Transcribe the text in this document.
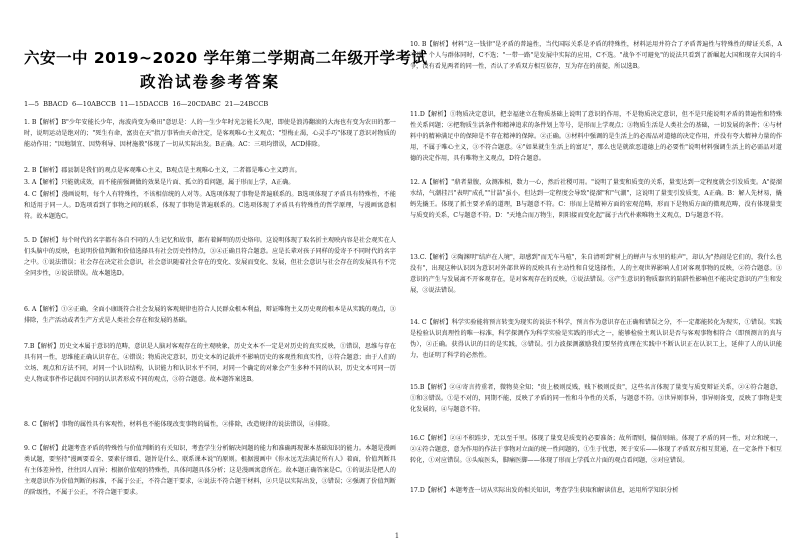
六安一中 2019~2020 学年第二学期高二年级开学考试
政治试卷参考答案
1—5 BBACD 6—10ABCCB 11—15DACCB 16—20CDABC 21—24BCCB
1. B【解析】B"少年安能长少年，海波尚变为桑田"意思是：人的一生少年时光怎能长久呢，即使是浪涛翻滚的大海也有变为农田的那一时，说明运动是绝对的；"死生有命，富贵在天"指万事皆由天命注定，是客观唯心主义观点；"望梅止渴，心灵手巧"体现了意识对物质的能动作用；"因地制宜、因势利导、因材施教"体现了一切从实际出发。B正确。AC：三项均错误，ACD排除。
2. B【解析】郡县制是我们的观点是客观唯心主义，B观点是主观唯心主义，二者都是唯心主义跨言。
3. A【解析】只能就成效，而不能前强调做的效果是片面、孤立的看问题，属于形而上学，A正确。
4. C【解析】漫画说明，每个人有特殊性，不该相信统的人对等。A选项体现了事物是普遍联系的。B选项体现了矛盾具有特殊性，不能和适用于同一人。D选项看到了事物之间的联系，体现了事物是普遍联系的。C选项体现了矛盾具有特殊性的哲学原理，与漫画寓意相符。故本题选C。
5. D【解析】每个时代的名字都有各自不同的人生记忆和故事，都有着鲜明的历史烙印。这说明体现了取名折主观映内容是社会观实在人们头脑中的反映，也说明价值判断和价值选择具有社会历史性特点，③④正确且符合题意。应是长辈对孩子同样的爱寄予不同时代的名字之中。①说法错误；社会存在决定社会意识，社会意识随着社会存在的变化、发展而变化、发展，但社会意识与社会存在的发展具有不完全同步性，②说法错误。故本题选D。
6. A【解析】①②正确，全面小康既符合社会发展的客观规律也符合人民群众根本利益，辩证唯物主义历史观的根本是从实践的观点，③排除，生产活动或者生产方式是人类社会存在和发展的基础。
7.B【解析】历史文本属于意识的范畴，意识是人脑对客观存在的主观映象，历史文本不一定是对历史的真实反映，①错误，思维与存在具有同一性，思维能正确认识存在，④错误；物质决定意识，历史文本的记载并不影响历史的客观性和真实性，③符合题意；由于人们的立场、观点和方法不同，对同一个认识结构，认识能力和认识水平不同，对同一个确定的对象会产生多种不同的认识，历史文本可同一历史人物或事件作记载因不同的认识者形成不同的观点，③符合题意。故本题答案选B。
8. C【解析】事物的属性具有客观性，材料也不能体现改变事物的属性，②排除，改造规律的说法错误，④排除。
9. C【解析】此题考查矛盾的特殊性与价值判断的有关知识，考查学生分析解决问题的能力和准确再现课本基础知识的能力。本题是漫画类试题，要坚持"漫画要看全、要素仔细看、题旨是什么、联系课本说"的原则。根据漫画中《你永远无法满足所有人》着面，价值判断具有主体差异性，往往因人而异；根据价值观的特殊性，具体问题具体分析；这是漫画寓意所在。故本题正确答案是C。①的说法是把人的主观意识作为价值判断的标准，不属于公正，不符合题干要求，④说法不符合题干材料，②只是以实际出发，③错误；②强调了价值判断的阶级性，不属于公正，不符合题干要求。
10. B【解析】材料"这一钱律"是矛盾的普遍性，当代国际关系是矛盾的特殊性，材料运用并符合了矛盾普遍性与特殊性的辩证关系，A不选；个人与群体同时，C不选；"一带一路"是发展中实际的应用，C不选。"战争不可避免"的说法只看到了新崛起大国和现存大国的斗争，没有看见两者的同一性，否认了矛盾双方相互依存，互为存在的前提，所以选B。
11.D【解析】①物质决定意识，把幸福建立在物质基础上说明了意识的作用，不是物质决定意识，但不是只能说明矛盾的普遍性和特殊性关系问题；②把物质生活条件和精神追求的条件划上等号，是形而上学观点；③物质生活是人类社会的基础，一切发展的条件；④与材料中的精神满足中的保障是不存在精神的保障。②正确。③材料中强调的是生活上的必需品对道德的决定作用，并没有夸大精神力量的作用，不属于唯心主义，③不符合题意。④"如果就生生活上的富足"，那么也是就欲恶道德上的必要性"说明材料强调生活上的必需品对道德的决定作用，具有唯物主义观点，D符合题意。
12. A【解析】"鼎者量腹，众测准相，数力一心，然后社稷可用。"说明了量变和质变的关系，量变达到一定程度就会引发质变。A"提溜水结，气潮挂吕"表明"成孔""甘喆"虽小，但达到一定程度会导致"提溜"和"气潮"，这说明了量变引发质变，A正确。B：解人先材易，撬蚂先撬王。体现了抓主要矛盾的道理，B与题意不符。C：形而上是精神方面的宏观范畴，形而下是物质方面的微观范畴，没有体现量变与质变的关系，C与题意不符。D："天地合而万物生，阴阳接而变化起"属于古代朴素唯物主义观点，D与题意不符。
13.C.【解析】②陶渊明"结庐在人境"，却感到"而无车马喧"，朱自清听到"树上的蝉声与水里的蛙声"，却认为"热闹是它们的，我什么也没有"，出现这种认识因为意识对外部世界的反映具有主动性和自觉选择性，人的主观世界影响人们对客观事物的反映，②符合题意。③意识的产生与发展离不开客观存在，是对客观存在的反映，①说法错误。③产生意识的物质器官的陷阱性影响但不能决定意识的产生和发展，③说法错误。
14. C【解析】科学实验能将预言转变为现实的说法不科学，预言作为意识存在正确和错误之分，不一定都能转化为现实，①错误。实践是检验认识真理性的唯一标准，科学探测作为科学实验是实践的形式之一，能够检验主观认识是否与客观事物相符合（即预测言的真与伪），②正确。获得认识的目的是实践，③错误。引力波探测激励我们要坚持真理在实践中不断认识正在认识工上，延伸了人的认识能力，也证明了科学的必然性。
15.B【解析】②④寄言持重者，微物莫全知；"贵上极则反贱，贱下极则反贵"，这些名言体现了量变与质变辩证关系，②④符合题意，①和③错误。①是不对的，同期不能，反映了矛盾的同一性和斗争性的关系，与题意不符。③世异则事异，事异则备变，反映了事物是变化发展的，④与题意不符。
16.C【解析】②④不积跬步，无以至千里。体现了量变是质变的必要准备；故所谓则，偏信则暗。体现了矛盾的同一性，对立和统一，②④符合题意，意为作用的作法于事物对立面的统一性问题的，①生于忧患，死于安乐——体现了矛盾双方相互贯通，在一定条件下相互转化，①对应错误。③头痕医头，脚痛医脚——体现了形而上学孤立片面的观点看问题，③对应错误。
17.D【解析】本题考查一切从实际出发的相关知识，考查学生获取和解读信息，运用所学知识分析
1
